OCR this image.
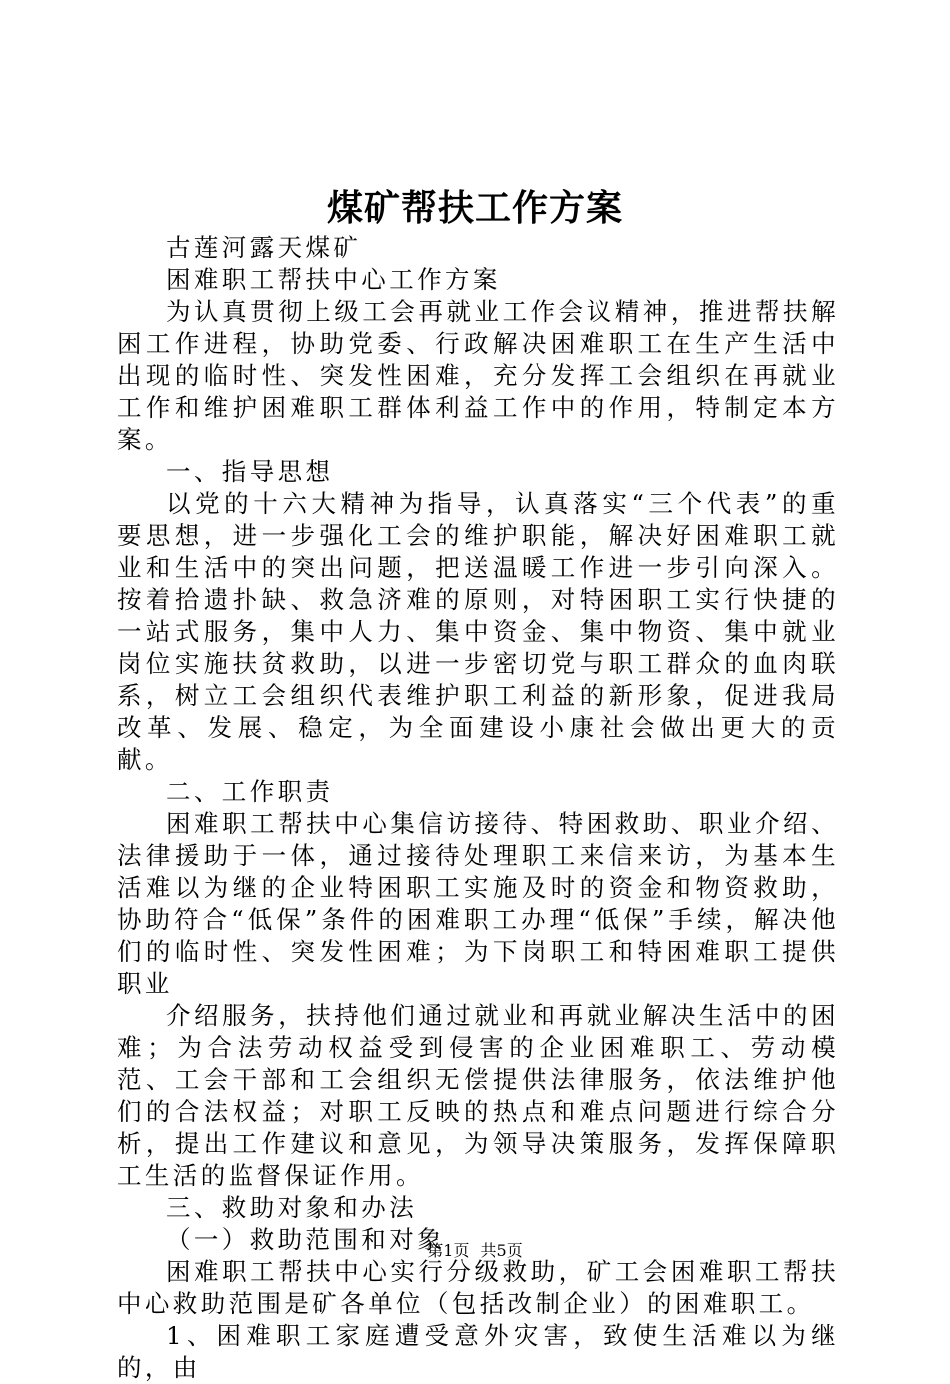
煤矿帮扶工作方案

古莲河露天煤矿

困难职工帮扶中心工作方案

为认真贯彻上级工会再就业工作会议精神，推进帮扶解困工作进程，协助党委、行政解决困难职工在生产生活中出现的临时性、突发性困难，充分发挥工会组织在再就业工作和维护困难职工群体利益工作中的作用，特制定本方案。

一、指导思想

以党的十六大精神为指导，认真落实“三个代表”的重要思想，进一步强化工会的维护职能，解决好困难职工就业和生活中的突出问题，把送温暖工作进一步引向深入。按着拾遗扑缺、救急济难的原则，对特困职工实行快捷的一站式服务，集中人力、集中资金、集中物资、集中就业岗位实施扶贫救助，以进一步密切党与职工群众的血肉联系，树立工会组织代表维护职工利益的新形象，促进我局改革、发展、稳定，为全面建设小康社会做出更大的贡献。

二、工作职责

困难职工帮扶中心集信访接待、特困救助、职业介绍、法律援助于一体，通过接待处理职工来信来访，为基本生活难以为继的企业特困职工实施及时的资金和物资救助，协助符合“低保”条件的困难职工办理“低保”手续，解决他们的临时性、突发性困难；为下岗职工和特困难职工提供职业

介绍服务，扶持他们通过就业和再就业解决生活中的困难；为合法劳动权益受到侵害的企业困难职工、劳动模范、工会干部和工会组织无偿提供法律服务，依法维护他们的合法权益；对职工反映的热点和难点问题进行综合分析，提出工作建议和意见，为领导决策服务，发挥保障职工生活的监督保证作用。

三、救助对象和办法

（一）救助范围和对象

困难职工帮扶中心实行分级救助，矿工会困难职工帮扶中心救助范围是矿各单位（包括改制企业）的困难职工。

1、困难职工家庭遭受意外灾害，致使生活难以为继的，由

第1页 共5页
